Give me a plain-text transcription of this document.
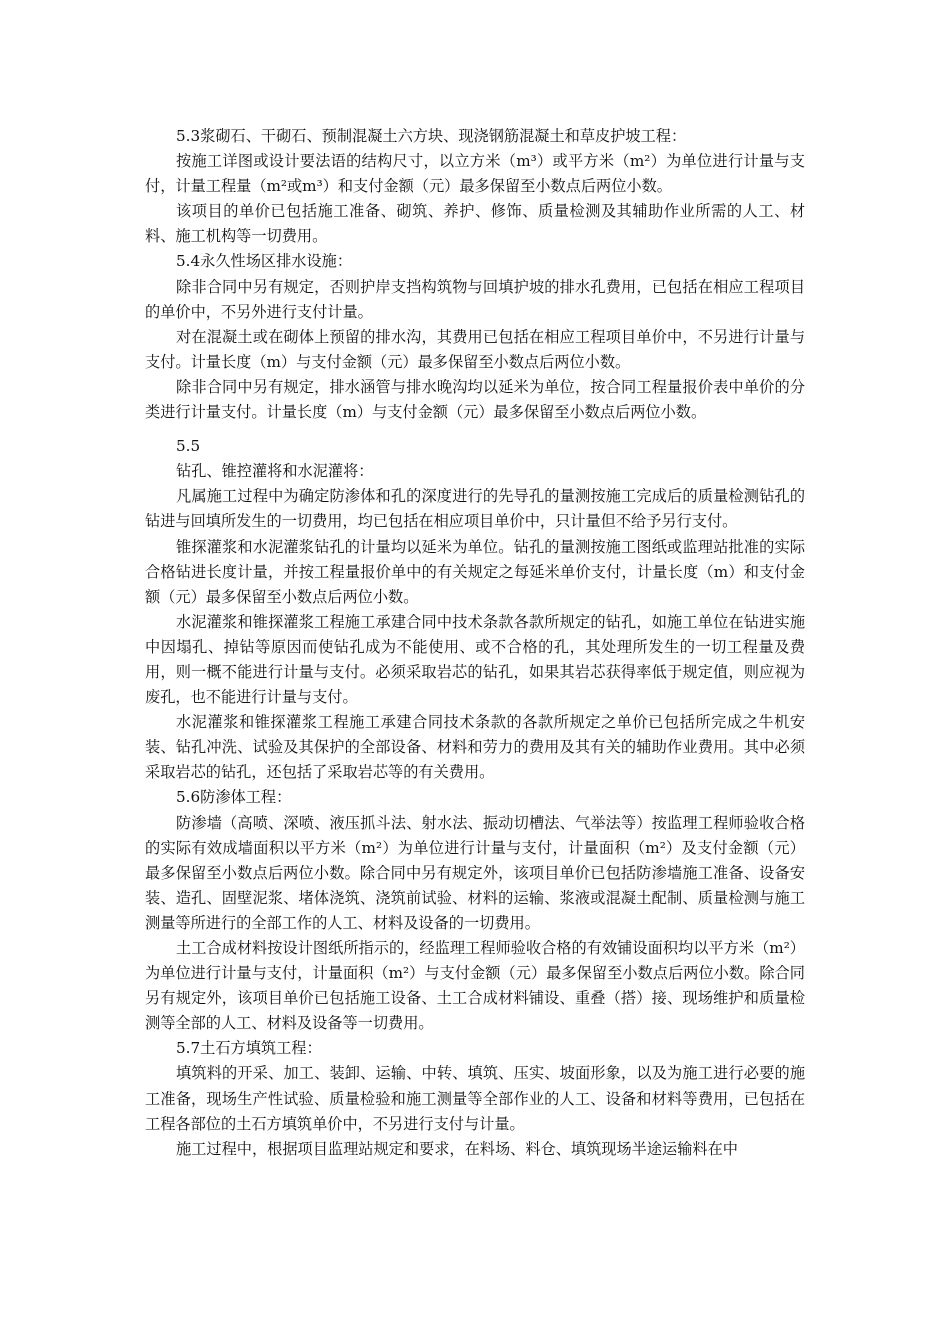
5.3浆砌石、干砌石、预制混凝土六方块、现浇钢筋混凝土和草皮护坡工程：

按施工详图或设计要法语的结构尺寸，以立方米（m³）或平方米（m²）为单位进行计量与支付，计量工程量（m²或m³）和支付金额（元）最多保留至小数点后两位小数。

该项目的单价已包括施工准备、砌筑、养护、修饰、质量检测及其辅助作业所需的人工、材料、施工机构等一切费用。

5.4永久性场区排水设施：

除非合同中另有规定，否则护岸支挡构筑物与回填护坡的排水孔费用，已包括在相应工程项目的单价中，不另外进行支付计量。

对在混凝土或在砌体上预留的排水沟，其费用已包括在相应工程项目单价中，不另进行计量与支付。计量长度（m）与支付金额（元）最多保留至小数点后两位小数。

除非合同中另有规定，排水涵管与排水晚沟均以延米为单位，按合同工程量报价表中单价的分类进行计量支付。计量长度（m）与支付金额（元）最多保留至小数点后两位小数。

5.5

钻孔、锥控灌将和水泥灌将：

凡属施工过程中为确定防渗体和孔的深度进行的先导孔的量测按施工完成后的质量检测钻孔的钻进与回填所发生的一切费用，均已包括在相应项目单价中，只计量但不给予另行支付。

锥探灌浆和水泥灌浆钻孔的计量均以延米为单位。钻孔的量测按施工图纸或监理站批准的实际合格钻进长度计量，并按工程量报价单中的有关规定之每延米单价支付，计量长度（m）和支付金额（元）最多保留至小数点后两位小数。

水泥灌浆和锥探灌浆工程施工承建合同中技术条款各款所规定的钻孔，如施工单位在钻进实施中因塌孔、掉钻等原因而使钻孔成为不能使用、或不合格的孔，其处理所发生的一切工程量及费用，则一概不能进行计量与支付。必须采取岩芯的钻孔，如果其岩芯获得率低于规定值，则应视为废孔，也不能进行计量与支付。

水泥灌浆和锥探灌浆工程施工承建合同技术条款的各款所规定之单价已包括所完成之牛机安装、钻孔冲洗、试验及其保护的全部设备、材料和劳力的费用及其有关的辅助作业费用。其中必须采取岩芯的钻孔，还包括了采取岩芯等的有关费用。

5.6防渗体工程：

防渗墙（高喷、深喷、液压抓斗法、射水法、振动切槽法、气举法等）按监理工程师验收合格的实际有效成墙面积以平方米（m²）为单位进行计量与支付，计量面积（m²）及支付金额（元）最多保留至小数点后两位小数。除合同中另有规定外，该项目单价已包括防渗墙施工准备、设备安装、造孔、固壁泥浆、堵体浇筑、浇筑前试验、材料的运输、浆液或混凝土配制、质量检测与施工测量等所进行的全部工作的人工、材料及设备的一切费用。

土工合成材料按设计图纸所指示的，经监理工程师验收合格的有效铺设面积均以平方米（m²）为单位进行计量与支付，计量面积（m²）与支付金额（元）最多保留至小数点后两位小数。除合同另有规定外，该项目单价已包括施工设备、土工合成材料铺设、重叠（搭）接、现场维护和质量检测等全部的人工、材料及设备等一切费用。

5.7土石方填筑工程：

填筑料的开采、加工、装卸、运输、中转、填筑、压实、坡面形象，以及为施工进行必要的施工准备，现场生产性试验、质量检验和施工测量等全部作业的人工、设备和材料等费用，已包括在工程各部位的土石方填筑单价中，不另进行支付与计量。

施工过程中，根据项目监理站规定和要求，在料场、料仓、填筑现场半途运输料在中
